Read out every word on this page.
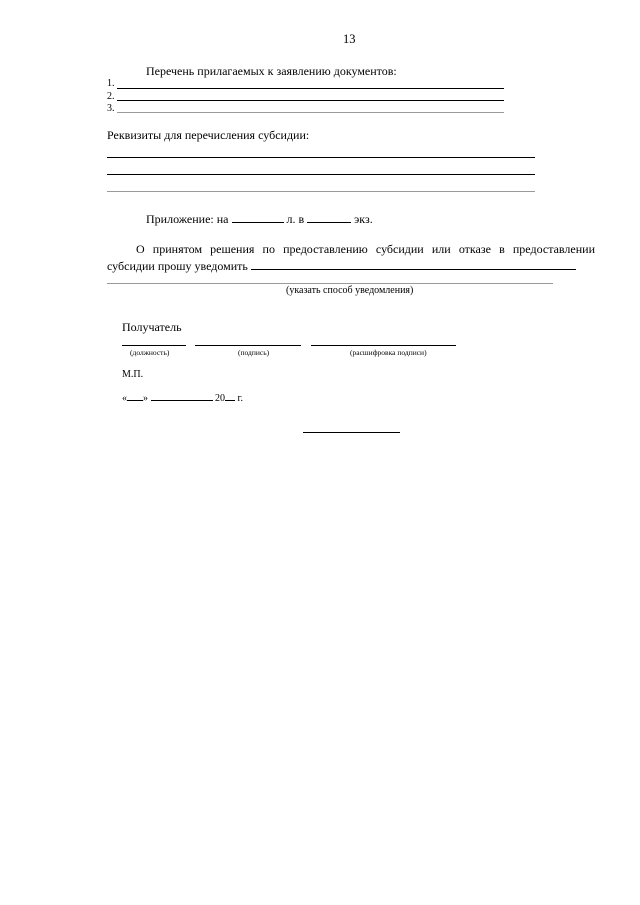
13
Перечень прилагаемых к заявлению документов:
1.
2.
3.
Реквизиты для перечисления субсидии:
Приложение: на	л. в	экз.
О принятом решения по предоставлению субсидии или отказе в предоставлении субсидии прошу уведомить
(указать способ уведомления)
Получатель
(должность)	(подпись)	(расшифровка подписи)
М.П.
« »	20 г.
